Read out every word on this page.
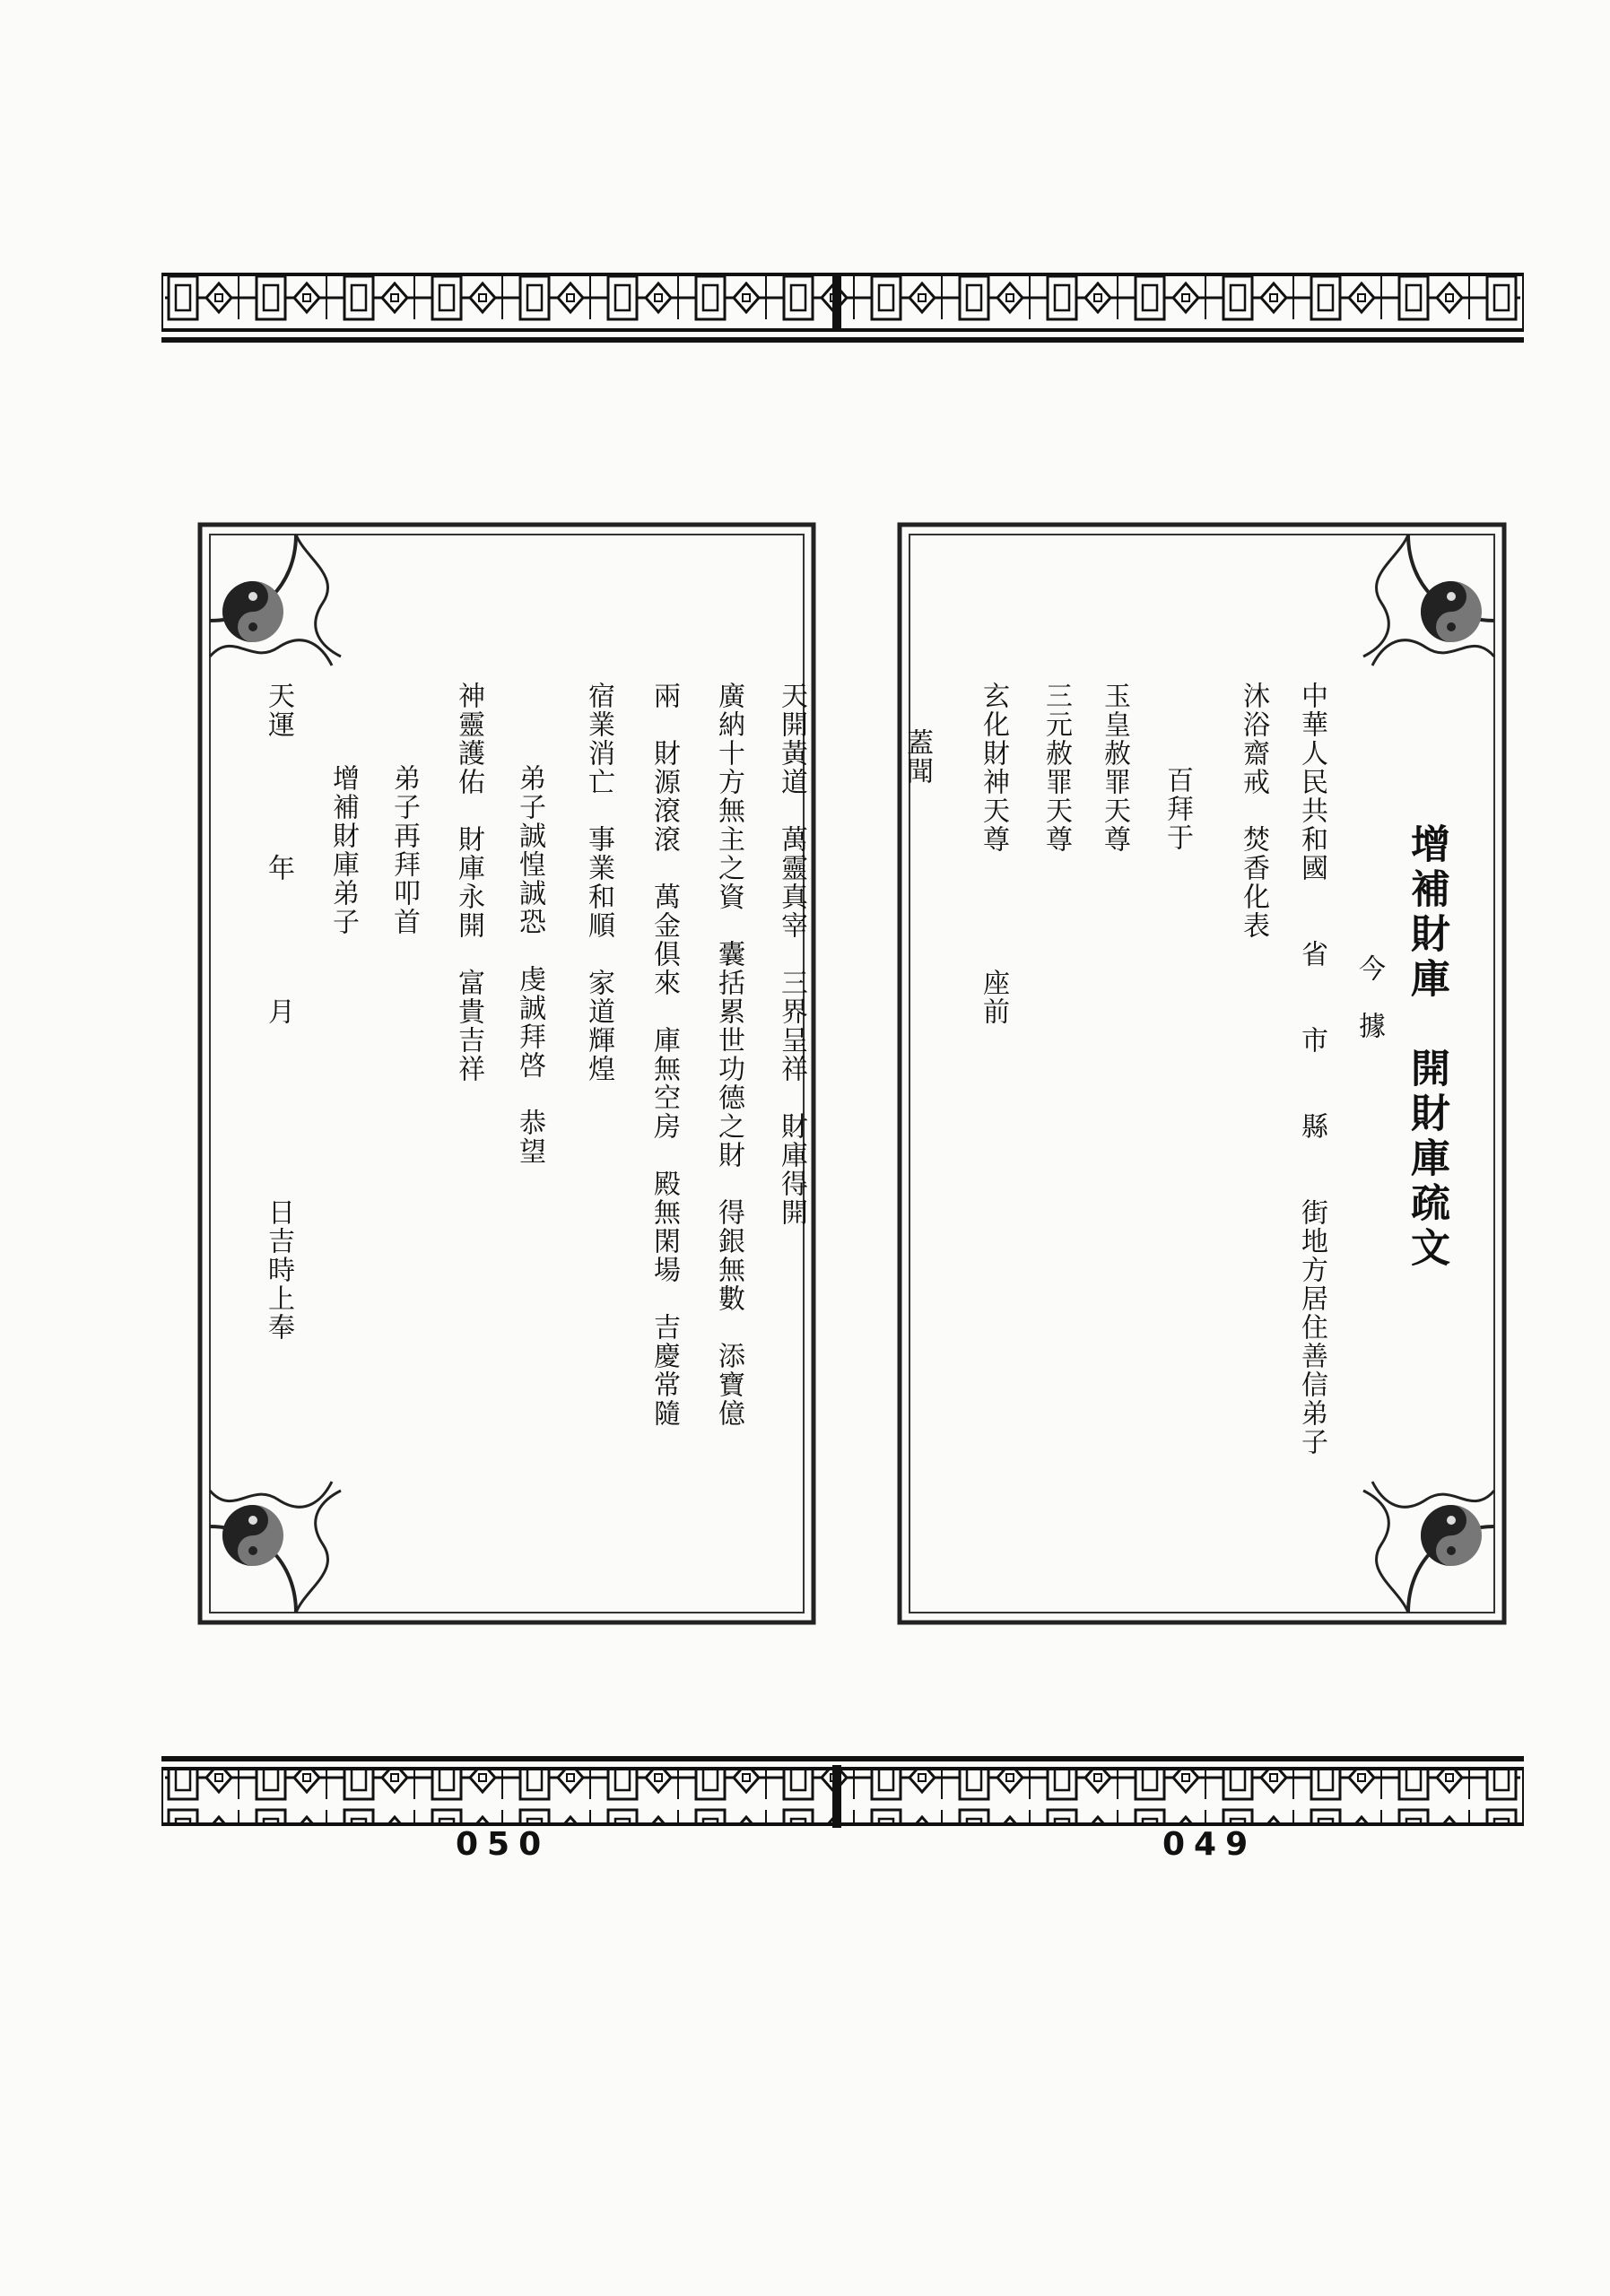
050	049
增補財庫　開財庫疏文
　　今　據
中華人民共和國　　省　　市　　縣　　街地方居住善信弟子
沐浴齋戒　焚香化表
　　百拜于
玉皇赦罪天尊
三元赦罪天尊
玄化財神天尊　　　　座前
　蓋聞
天開黃道　萬靈真宰　三界呈祥　財庫得開
廣納十方無主之資　囊括累世功德之財　得銀無數　添寶億
兩　財源滾滾　萬金俱來　庫無空房　殿無閑場　吉慶常隨
宿業消亡　事業和順　家道輝煌
　弟子誠惶誠恐　虔誠拜啓　恭望
神靈護佑　財庫永開　富貴吉祥
　弟子再拜叩首
　增補財庫弟子
天運　　　　年　　　　月　　　　　　日吉時上奉
